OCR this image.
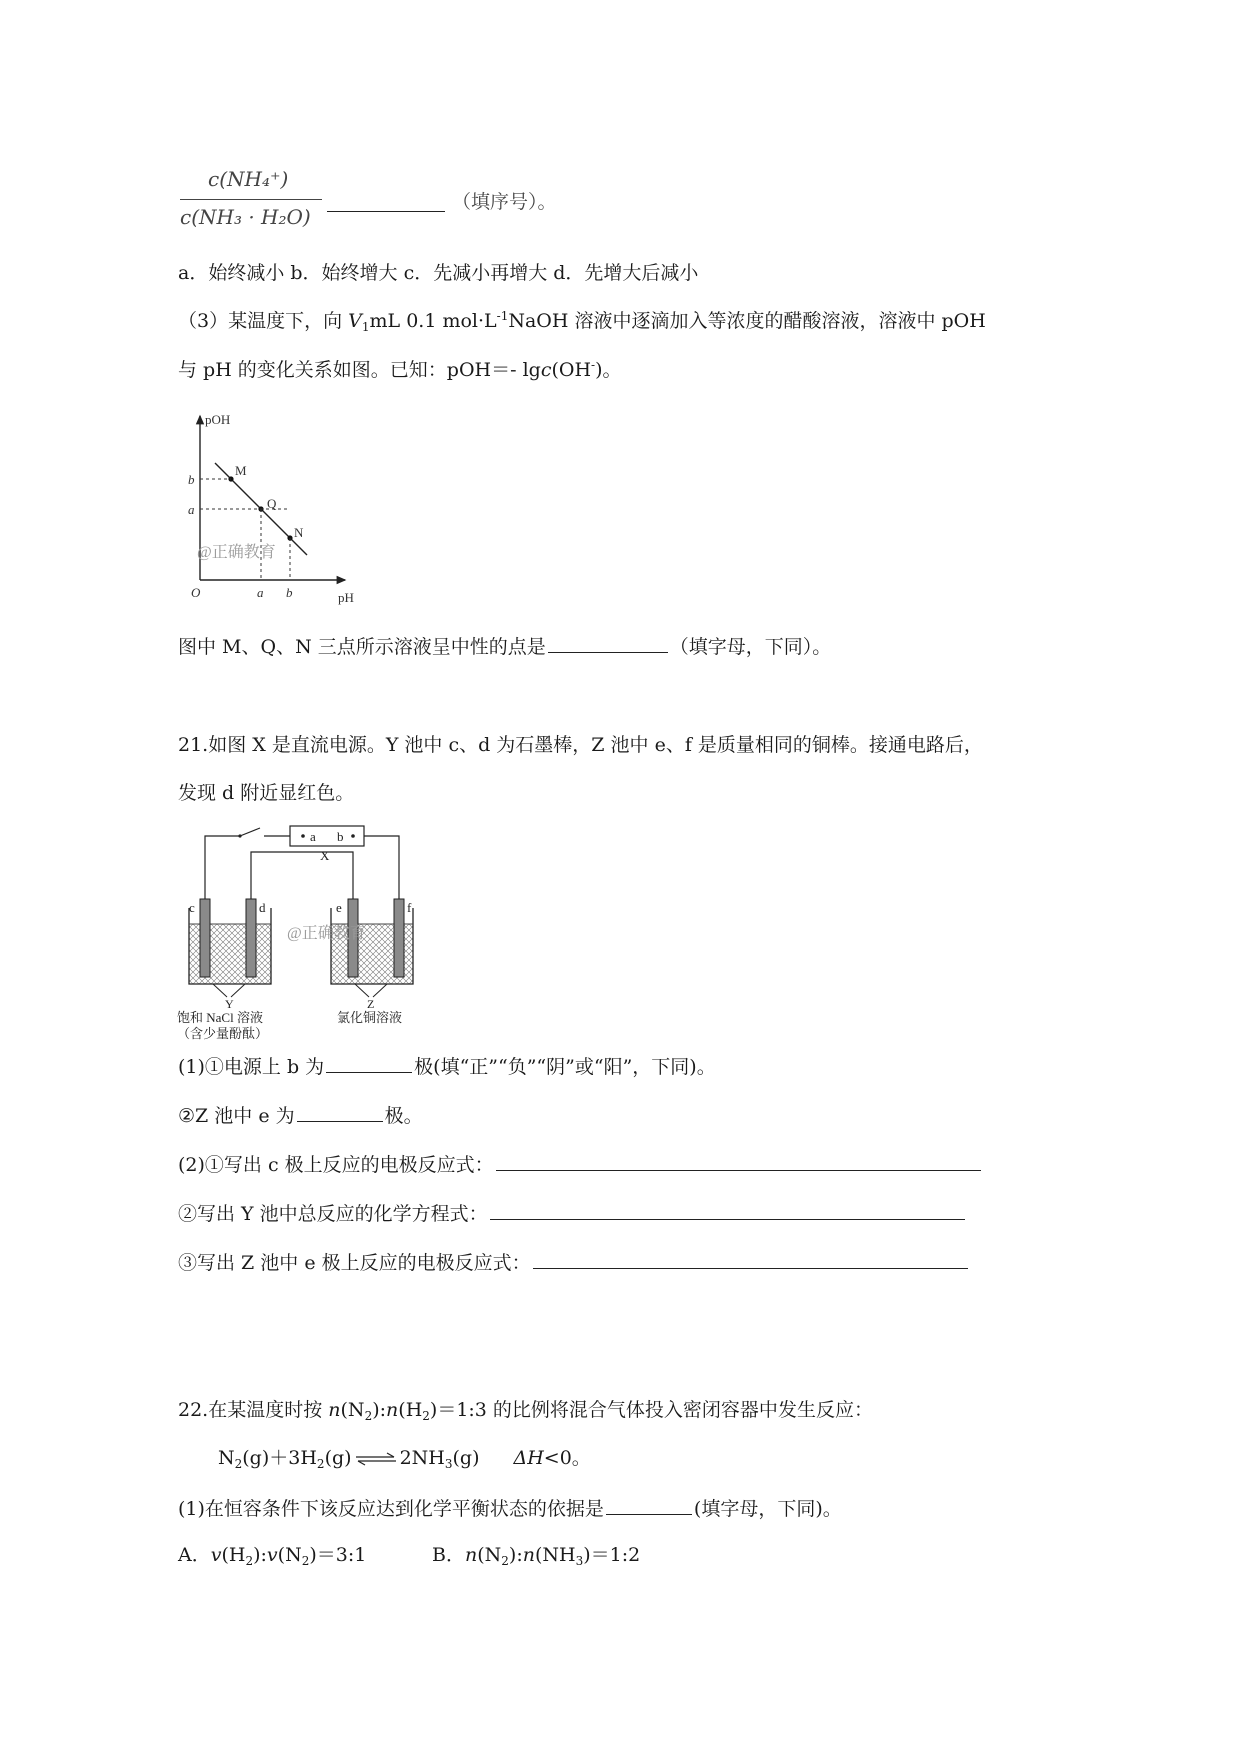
c(NH₄⁺)
c(NH₃ · H₂O)
（填序号）。
a．始终减小 b．始终增大 c．先减小再增大 d．先增大后减小
（3）某温度下，向 $V_1mL$ 0.1 $mol\cdot L^{-1}NaOH$ 溶液中逐滴加入等浓度的醋酸溶液，溶液中 pOH
与 pH 的变化关系如图。已知：pOH＝- lgc(OH-)。
pOH
pH
O
M
Q
N
b
a
a b
@正确教育
图中 M、Q、N 三点所示溶液呈中性的点是	（填字母，下同）。
21.如图 X 是直流电源。Y 池中 c、d 为石墨棒，Z 池中 e、f 是质量相同的铜棒。接通电路后，
发现 d 附近显红色。
a b
X
c	d	e	f
@正确教育
Y	Z
饱和 NaCl 溶液
（含少量酚酞）
氯化铜溶液
(1)①电源上 b 为	极(填“正”“负”“阴”或“阳”，下同)。
②Z 池中 e 为	极。
(2)①写出 c 极上反应的电极反应式：
②写出 Y 池中总反应的化学方程式：
③写出 Z 池中 e 极上反应的电极反应式：
22.在某温度时按 $n(N_2):n(H_2)=1:3$ 的比例将混合气体投入密闭容器中发生反应：
$N_2(g)+3H_2(g)$ ⇌ $2NH_3(g)$ ΔH<0。
(1)在恒容条件下该反应达到化学平衡状态的依据是	(填字母，下同)。
A．$v(H_2):v(N_2)=3:1$	B．$n(N_2):n(NH_3)=1:2$
